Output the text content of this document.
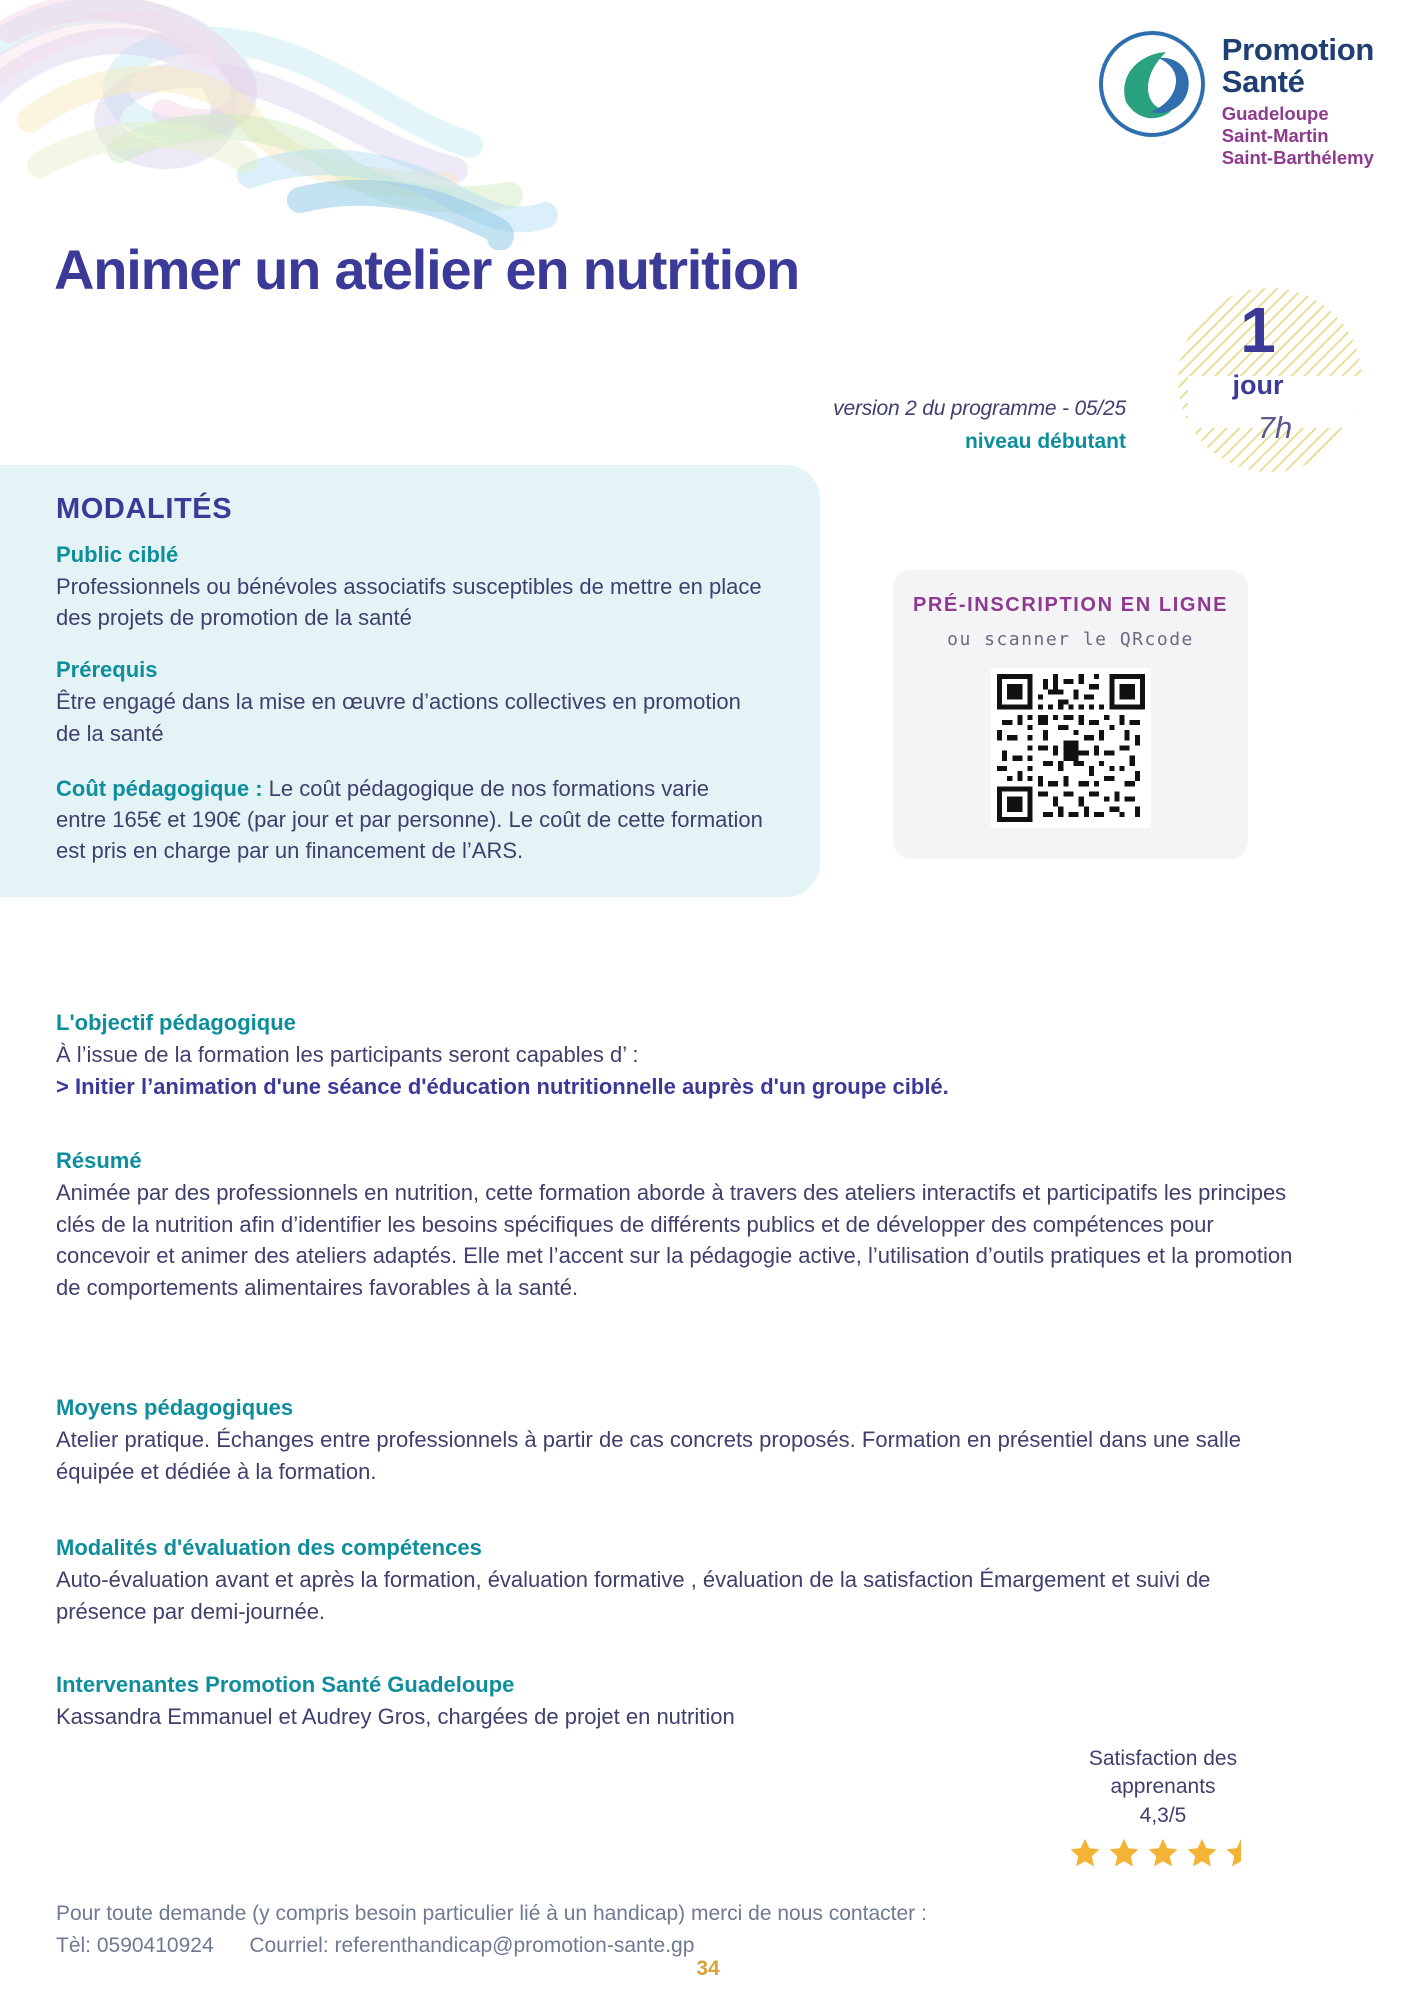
Promotion
Santé
Guadeloupe
Saint-Martin
Saint-Barthélemy
Animer un atelier en nutrition
version 2 du programme - 05/25
niveau débutant
1
jour
7h
MODALITÉS
Public ciblé
Professionnels ou bénévoles associatifs susceptibles de mettre en place des projets de promotion de la santé
Prérequis
Être engagé dans la mise en œuvre d’actions collectives en promotion de la santé
Coût pédagogique : Le coût pédagogique de nos formations varie entre 165€ et 190€ (par jour et par personne). Le coût de cette formation est pris en charge par un financement de l’ARS.
PRÉ-INSCRIPTION EN LIGNE
ou scanner le QRcode
L'objectif pédagogique
À l’issue de la formation les participants seront capables d’ :
> Initier l’animation d'une séance d'éducation nutritionnelle auprès d'un groupe ciblé.
Résumé
Animée par des professionnels en nutrition, cette formation aborde à travers des ateliers interactifs et participatifs les principes clés de la nutrition afin d’identifier les besoins spécifiques de différents publics et de développer des compétences pour concevoir et animer des ateliers adaptés. Elle met l’accent sur la pédagogie active, l’utilisation d’outils pratiques et la promotion de comportements alimentaires favorables à la santé.
Moyens pédagogiques
Atelier pratique. Échanges entre professionnels à partir de cas concrets proposés. Formation en présentiel dans une salle équipée et dédiée à la formation.
Modalités d'évaluation des compétences
Auto-évaluation avant et après la formation, évaluation formative , évaluation de la satisfaction Émargement et suivi de présence par demi-journée.
Intervenantes Promotion Santé Guadeloupe
Kassandra Emmanuel et Audrey Gros, chargées de projet en nutrition
Satisfaction des
apprenants
4,3/5
Pour toute demande (y compris besoin particulier lié à un handicap) merci de nous contacter :
Tèl: 0590410924 Courriel: referenthandicap@promotion-sante.gp
34
